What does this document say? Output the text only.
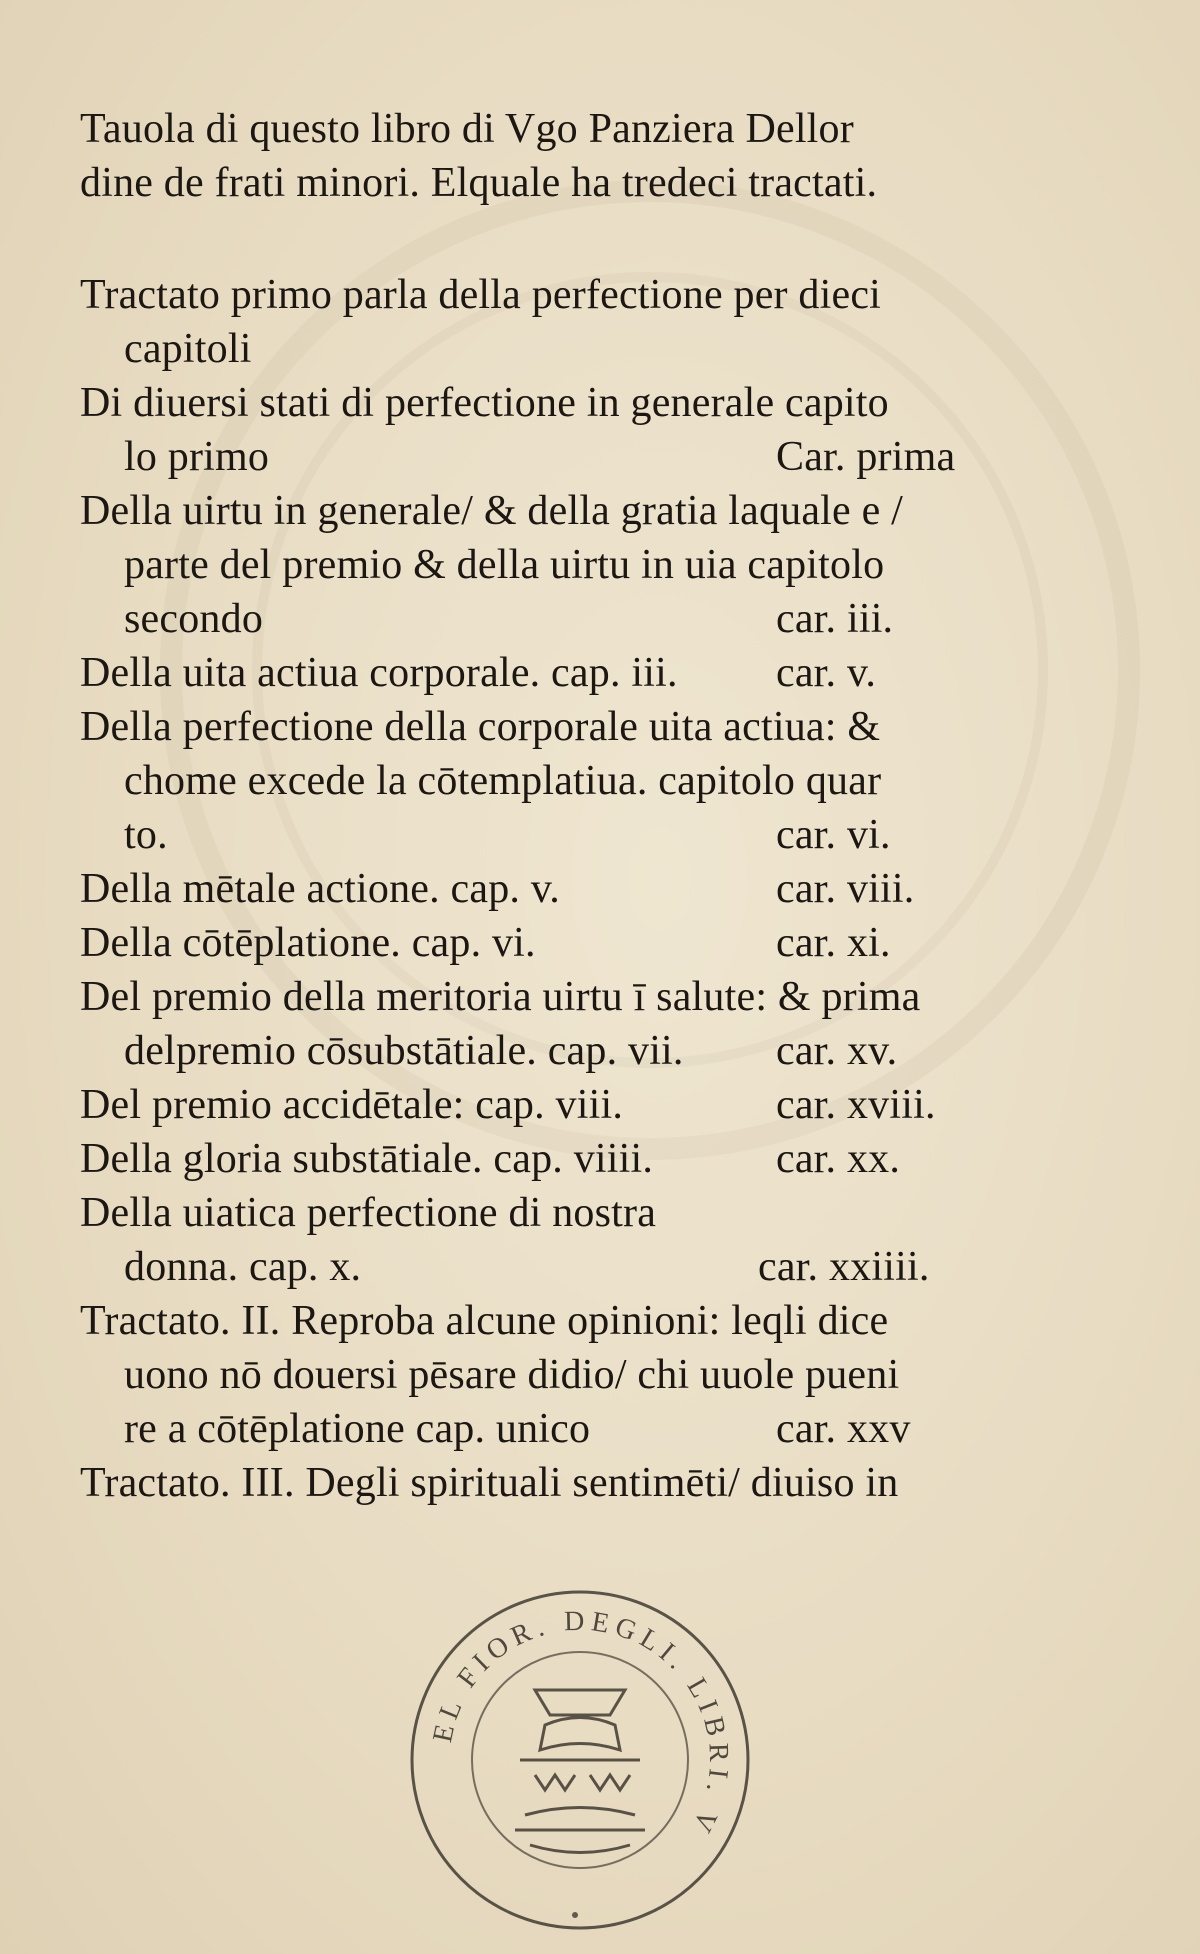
Tauola di questo libro di Vgo Panziera Dellor
dine de frati minori. Elquale ha tredeci tractati.
Tractato primo parla della perfectione per dieci
capitoli
Di diuersi stati di perfectione in generale capito
lo primo	Car. prima
Della uirtu in generale/ & della gratia laquale e /
parte del premio & della uirtu in uia capitolo
secondo	car. iii.
Della uita actiua corporale. cap. iii. car. v.
Della perfectione della corporale uita actiua: &
chome excede la cōtemplatiua. capitolo quar
to.	car. vi.
Della mētale actione. cap. v.	car. viii.
Della cōtēplatione. cap. vi.	car. xi.
Del premio della meritoria uirtu ī salute: & prima
delpremio cōsubstātiale. cap. vii. car. xv.
Del premio accidētale: cap. viii.	car. xviii.
Della gloria substātiale. cap. viiii.	car. xx.
Della uiatica perfectione di nostra
donna. cap. x.	car. xxiiii.
Tractato. II. Reproba alcune opinioni: leqli dice
uono nō douersi pēsare didio/ chi uuole pueni
re a cōtēplatione cap. unico	car. xxv
Tractato. III. Degli spirituali sentimēti/ diuiso in
EL FIOR. DEGLI. LIBRI. V
